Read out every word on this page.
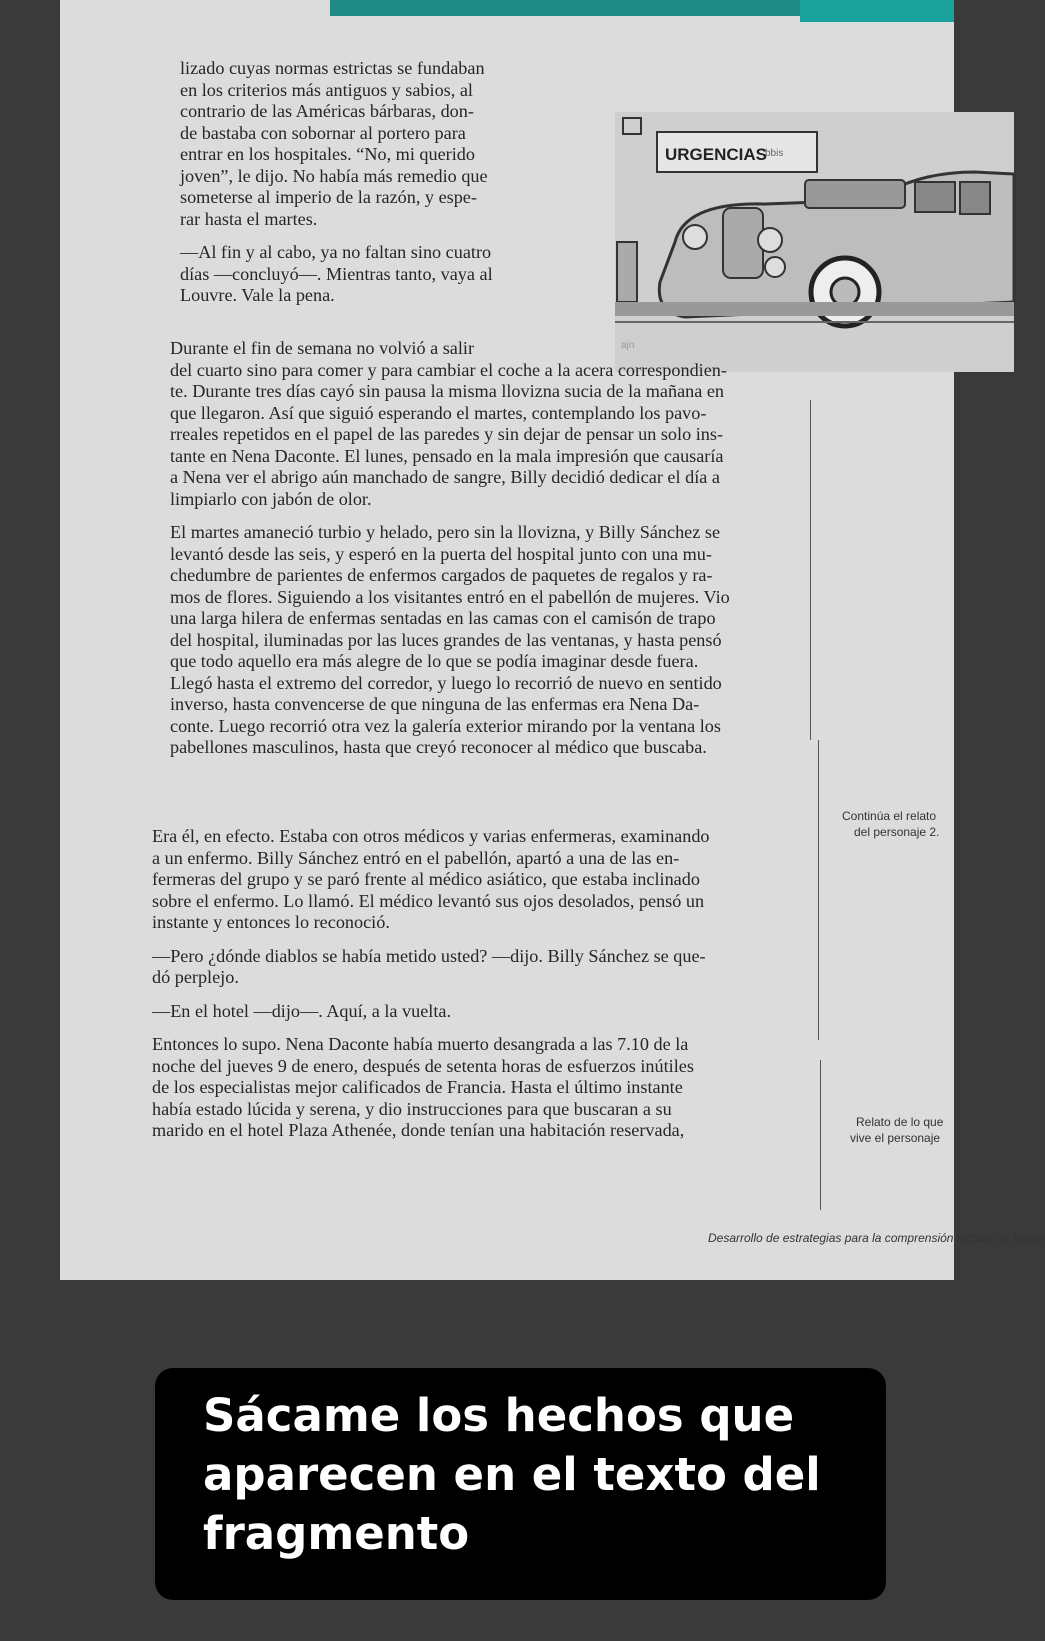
URGENCIAS
bbis
ajn
Desarrollo de estrategias para la comprensión lectora de textos
lizado cuyas normas estrictas se fundaban
en los criterios más antiguos y sabios, al
contrario de las Américas bárbaras, don-
de bastaba con sobornar al portero para
entrar en los hospitales. “No, mi querido
joven”, le dijo. No había más remedio que
someterse al imperio de la razón, y espe-
rar hasta el martes.
—Al fin y al cabo, ya no faltan sino cuatro
días —concluyó—. Mientras tanto, vaya al
Louvre. Vale la pena.
Durante el fin de semana no volvió a salir
del cuarto sino para comer y para cambiar el coche a la acera correspondien-
te. Durante tres días cayó sin pausa la misma llovizna sucia de la mañana en
que llegaron. Así que siguió esperando el martes, contemplando los pavo-
rreales repetidos en el papel de las paredes y sin dejar de pensar un solo ins-
tante en Nena Daconte. El lunes, pensado en la mala impresión que causaría
a Nena ver el abrigo aún manchado de sangre, Billy decidió dedicar el día a
limpiarlo con jabón de olor.
El martes amaneció turbio y helado, pero sin la llovizna, y Billy Sánchez se
levantó desde las seis, y esperó en la puerta del hospital junto con una mu-
chedumbre de parientes de enfermos cargados de paquetes de regalos y ra-
mos de flores. Siguiendo a los visitantes entró en el pabellón de mujeres. Vio
una larga hilera de enfermas sentadas en las camas con el camisón de trapo
del hospital, iluminadas por las luces grandes de las ventanas, y hasta pensó
que todo aquello era más alegre de lo que se podía imaginar desde fuera.
Llegó hasta el extremo del corredor, y luego lo recorrió de nuevo en sentido
inverso, hasta convencerse de que ninguna de las enfermas era Nena Da-
conte. Luego recorrió otra vez la galería exterior mirando por la ventana los
pabellones masculinos, hasta que creyó reconocer al médico que buscaba.
Era él, en efecto. Estaba con otros médicos y varias enfermeras, examinando
a un enfermo. Billy Sánchez entró en el pabellón, apartó a una de las en-
fermeras del grupo y se paró frente al médico asiático, que estaba inclinado
sobre el enfermo. Lo llamó. El médico levantó sus ojos desolados, pensó un
instante y entonces lo reconoció.
—Pero ¿dónde diablos se había metido usted? —dijo. Billy Sánchez se que-
dó perplejo.
—En el hotel —dijo—. Aquí, a la vuelta.
Entonces lo supo. Nena Daconte había muerto desangrada a las 7.10 de la
noche del jueves 9 de enero, después de setenta horas de esfuerzos inútiles
de los especialistas mejor calificados de Francia. Hasta el último instante
había estado lúcida y serena, y dio instrucciones para que buscaran a su
marido en el hotel Plaza Athenée, donde tenían una habitación reservada,
Continúa el relato
del personaje 2.
Relato de lo que
vive el personaje
Sácame los hechos que aparecen en el texto del fragmento
